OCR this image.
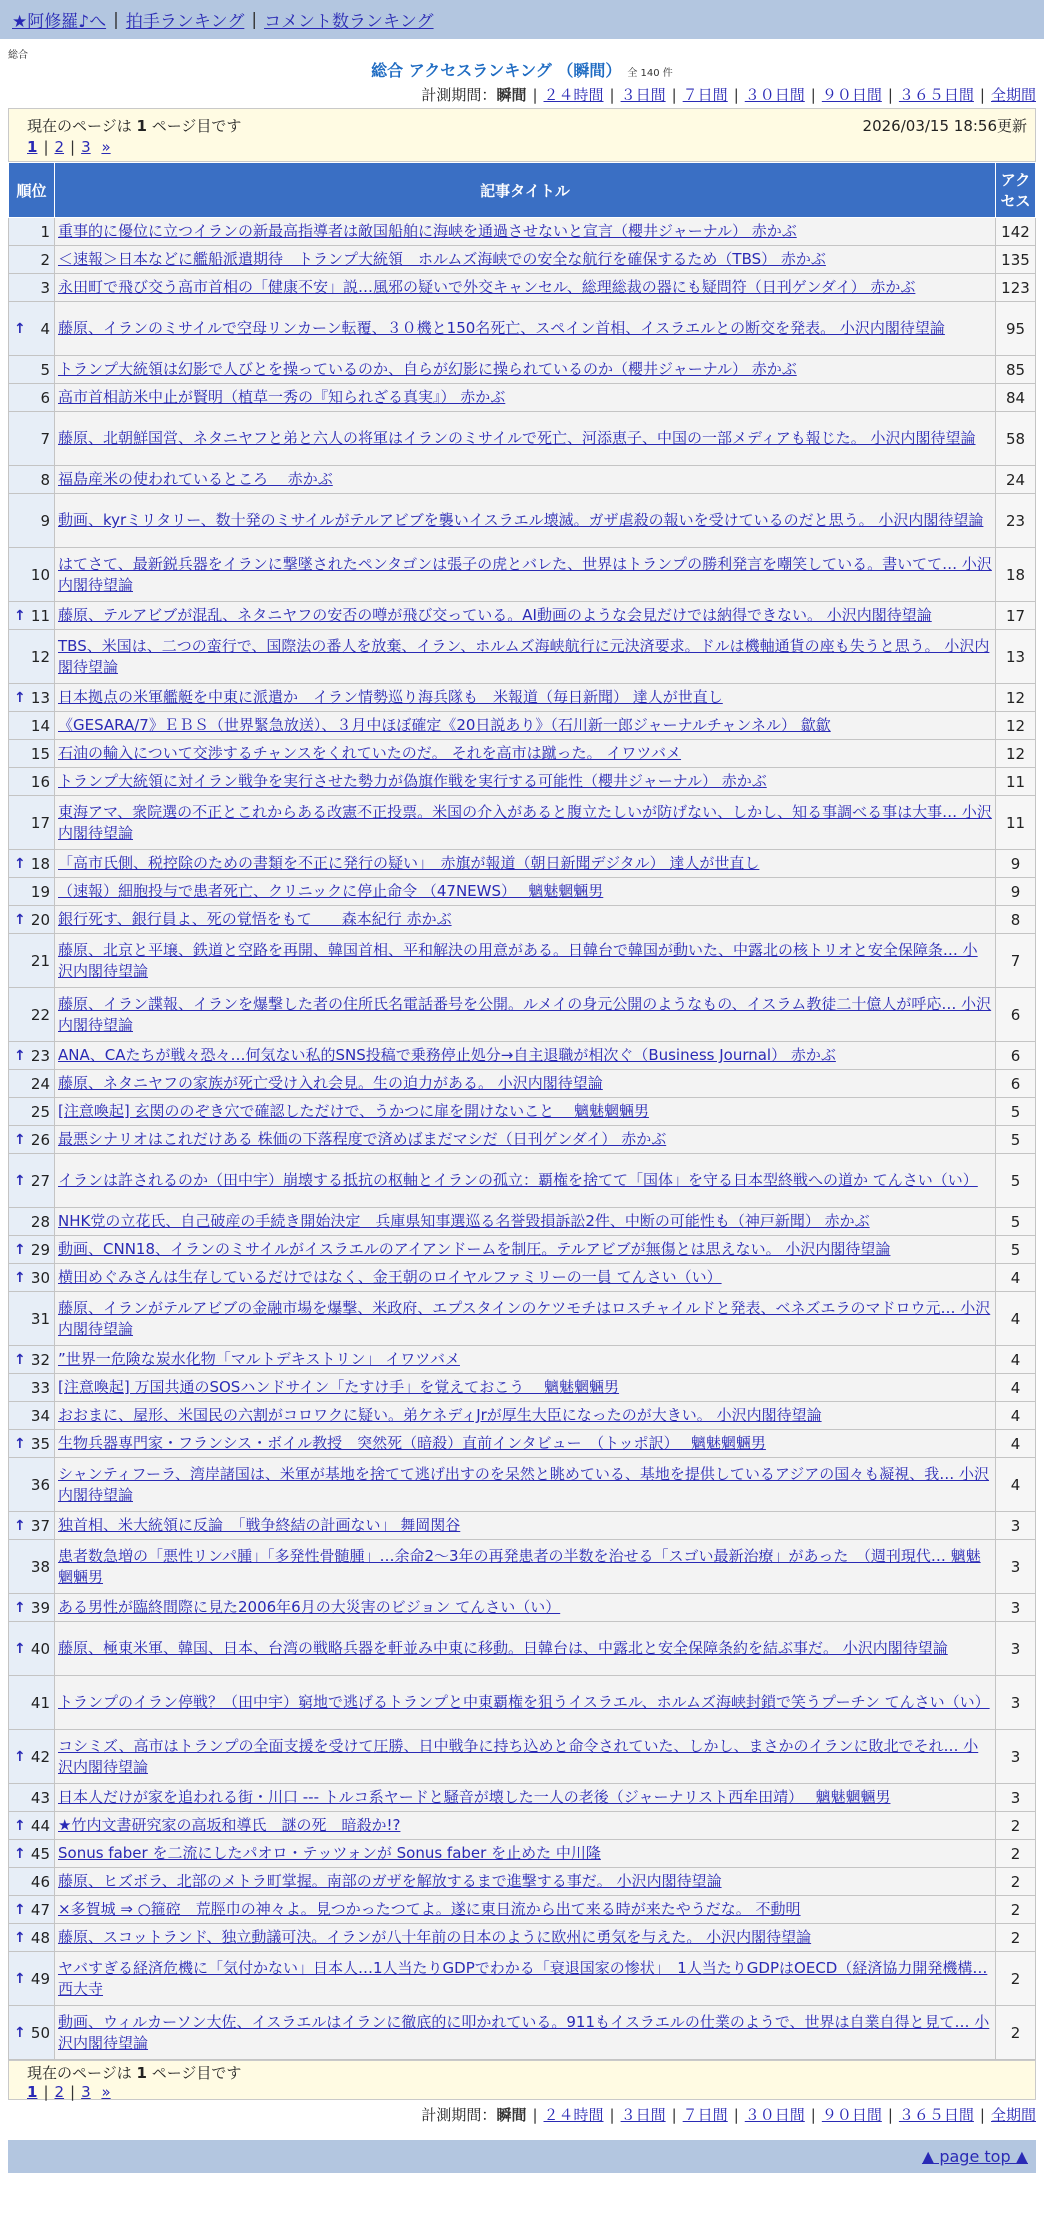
★阿修羅♪へ | 拍手ランキング | コメント数ランキング
総合
総合 アクセスランキング （瞬間） 全 140 件
計測期間：瞬間 | ２４時間 | ３日間 | ７日間 | ３０日間 | ９０日間 | ３６５日間 | 全期間
現在のページは 1 ページ目です	2026/03/15 18:56更新
1 | 2 | 3 »
順位	記事タイトル	アクセス
1	重事的に優位に立つイランの新最高指導者は敵国船舶に海峡を通過させないと宣言（櫻井ジャーナル） 赤かぶ	142
2	＜速報＞日本などに艦船派遣期待　トランプ大統領　ホルムズ海峡での安全な航行を確保するため（TBS） 赤かぶ	135
3	永田町で飛び交う高市首相の「健康不安」説…風邪の疑いで外交キャンセル、総理総裁の器にも疑問符（日刊ゲンダイ） 赤かぶ	123

↑ 4	藤原、イランのミサイルで空母リンカーン転覆、３０機と150名死亡、スペイン首相、イスラエルとの断交を発表。 小沢内閣待望論	95
5	トランプ大統領は幻影で人びとを操っているのか、自らが幻影に操られているのか（櫻井ジャーナル） 赤かぶ	85
6	高市首相訪米中止が賢明（植草一秀の『知られざる真実』） 赤かぶ	84
7	藤原、北朝鮮国営、ネタニヤフと弟と六人の将軍はイランのミサイルで死亡、河添恵子、中国の一部メディアも報じた。 小沢内閣待望論	58
8	福島産米の使われているところ　 赤かぶ	24
9	動画、kyrミリタリー、数十発のミサイルがテルアビブを襲いイスラエル壊滅。ガザ虐殺の報いを受けているのだと思う。 小沢内閣待望論	23
10	はてさて、最新鋭兵器をイランに撃墜されたペンタゴンは張子の虎とバレた、世界はトランプの勝利発言を嘲笑している。書いてて… 小沢内閣待望論	18

↑ 11	藤原、テルアビブが混乱、ネタニヤフの安否の噂が飛び交っている。AI動画のような会見だけでは納得できない。 小沢内閣待望論	17
12	TBS、米国は、二つの蛮行で、国際法の番人を放棄、イラン、ホルムズ海峡航行に元決済要求。ドルは機軸通貨の座も失うと思う。 小沢内閣待望論	13

↑ 13	日本拠点の米軍艦艇を中東に派遣か　イラン情勢巡り海兵隊も　米報道（毎日新聞） 達人が世直し	12
14	《GESARA/7》ＥＢＳ（世界緊急放送）、３月中ほぼ確定《20日説あり》（石川新一郎ジャーナルチャンネル） 歙歙	12
15	石油の輸入について交渉するチャンスをくれていたのだ。 それを高市は蹴った。 イワツバメ	12
16	トランプ大統領に対イラン戦争を実行させた勢力が偽旗作戦を実行する可能性（櫻井ジャーナル） 赤かぶ	11
17	東海アマ、衆院選の不正とこれからある改憲不正投票。米国の介入があると腹立たしいが防げない、しかし、知る事調べる事は大事… 小沢内閣待望論	11

↑ 18	「高市氏側、税控除のための書類を不正に発行の疑い」　赤旗が報道（朝日新聞デジタル） 達人が世直し	9
19	（速報）細胞投与で患者死亡、クリニックに停止命令 （47NEWS）　 魑魅魍魎男	9

↑ 20	銀行死す、銀行員よ、死の覚悟をもて　　森本紀行 赤かぶ	8
21	藤原、北京と平壌、鉄道と空路を再開、韓国首相、平和解決の用意がある。日韓台で韓国が動いた、中露北の核トリオと安全保障条… 小沢内閣待望論	7
22	藤原、イラン諜報、イランを爆撃した者の住所氏名電話番号を公開。ルメイの身元公開のようなもの、イスラム教徒二十億人が呼応… 小沢内閣待望論	6

↑ 23	ANA、CAたちが戦々恐々…何気ない私的SNS投稿で乗務停止処分→自主退職が相次ぐ（Business Journal） 赤かぶ	6
24	藤原、ネタニヤフの家族が死亡受け入れ会見。生の迫力がある。 小沢内閣待望論	6
25	[注意喚起] 玄関ののぞき穴で確認しただけで、うかつに扉を開けないこと　 魑魅魍魎男	5

↑ 26	最悪シナリオはこれだけある 株価の下落程度で済めばまだマシだ（日刊ゲンダイ） 赤かぶ	5

↑ 27	イランは許されるのか（田中宇）崩壊する抵抗の枢軸とイランの孤立：覇権を捨てて「国体」を守る日本型終戦への道か てんさい（い）	5
28	NHK党の立花氏、自己破産の手続き開始決定　兵庫県知事選巡る名誉毀損訴訟2件、中断の可能性も（神戸新聞） 赤かぶ	5

↑ 29	動画、CNN18、イランのミサイルがイスラエルのアイアンドームを制圧。テルアビブが無傷とは思えない。 小沢内閣待望論	5

↑ 30	横田めぐみさんは生存しているだけではなく、金王朝のロイヤルファミリーの一員 てんさい（い）	4
31	藤原、イランがテルアビブの金融市場を爆撃、米政府、エプスタインのケツモチはロスチャイルドと発表、ベネズエラのマドロウ元… 小沢内閣待望論	4

↑ 32	”世界一危険な炭水化物「マルトデキストリン」 イワツバメ	4
33	[注意喚起] 万国共通のSOSハンドサイン「たすけ手」を覚えておこう　 魑魅魍魎男	4
34	おおまに、屋形、米国民の六割がコロワクに疑い。弟ケネディJrが厚生大臣になったのが大きい。 小沢内閣待望論	4

↑ 35	生物兵器専門家・フランシス・ボイル教授　突然死（暗殺）直前インタビュー　（トッポ訳）　 魑魅魍魎男	4
36	シャンティフーラ、湾岸諸国は、米軍が基地を捨てて逃げ出すのを呆然と眺めている、基地を提供しているアジアの国々も凝視、我… 小沢内閣待望論	4

↑ 37	独首相、米大統領に反論　「戦争終結の計画ない」 舞岡関谷	3
38	患者数急増の「悪性リンパ腫」「多発性骨髄腫」…余命2～3年の再発患者の半数を治せる「スゴい最新治療」があった　（週刊現代… 魑魅魍魎男	3

↑ 39	ある男性が臨終間際に見た2006年6月の大災害のビジョン てんさい（い）	3

↑ 40	藤原、極東米軍、韓国、日本、台湾の戦略兵器を軒並み中東に移動。日韓台は、中露北と安全保障条約を結ぶ事だ。 小沢内閣待望論	3
41	トランプのイラン停戦？（田中宇）窮地で逃げるトランプと中東覇権を狙うイスラエル、ホルムズ海峡封鎖で笑うプーチン てんさい（い）	3

↑ 42	コシミズ、高市はトランプの全面支援を受けて圧勝、日中戦争に持ち込めと命令されていた、しかし、まさかのイランに敗北でそれ… 小沢内閣待望論	3
43	日本人だけが家を追われる街・川口 --- トルコ系ヤードと騒音が壊した一人の老後（ジャーナリスト西牟田靖）　 魑魅魍魎男	3

↑ 44	★竹内文書研究家の高坂和導氏　謎の死　暗殺か!?	2

↑ 45	Sonus faber を二流にしたパオロ・テッツォンが Sonus faber を止めた 中川隆	2
46	藤原、ヒズボラ、北部のメトラ町掌握。南部のガザを解放するまで進撃する事だ。 小沢内閣待望論	2

↑ 47	×多賀城 ⇒ ○箍硿　荒脛巾の神々よ。見つかったつてよ。遂に東日流から出て来る時が来たやうだな。 不動明	2

↑ 48	藤原、スコットランド、独立動議可決。イランが八十年前の日本のように欧州に勇気を与えた。 小沢内閣待望論	2

↑ 49	ヤバすぎる経済危機に「気付かない」日本人…1人当たりGDPでわかる「衰退国家の惨状」　1人当たりGDPはOECD（経済協力開発機構… 西大寺	2

↑ 50	動画、ウィルカーソン大佐、イスラエルはイランに徹底的に叩かれている。911もイスラエルの仕業のようで、世界は自業自得と見て… 小沢内閣待望論	2
現在のページは 1 ページ目です
1 | 2 | 3 »
計測期間：瞬間 | ２４時間 | ３日間 | ７日間 | ３０日間 | ９０日間 | ３６５日間 | 全期間
▲ page top ▲
